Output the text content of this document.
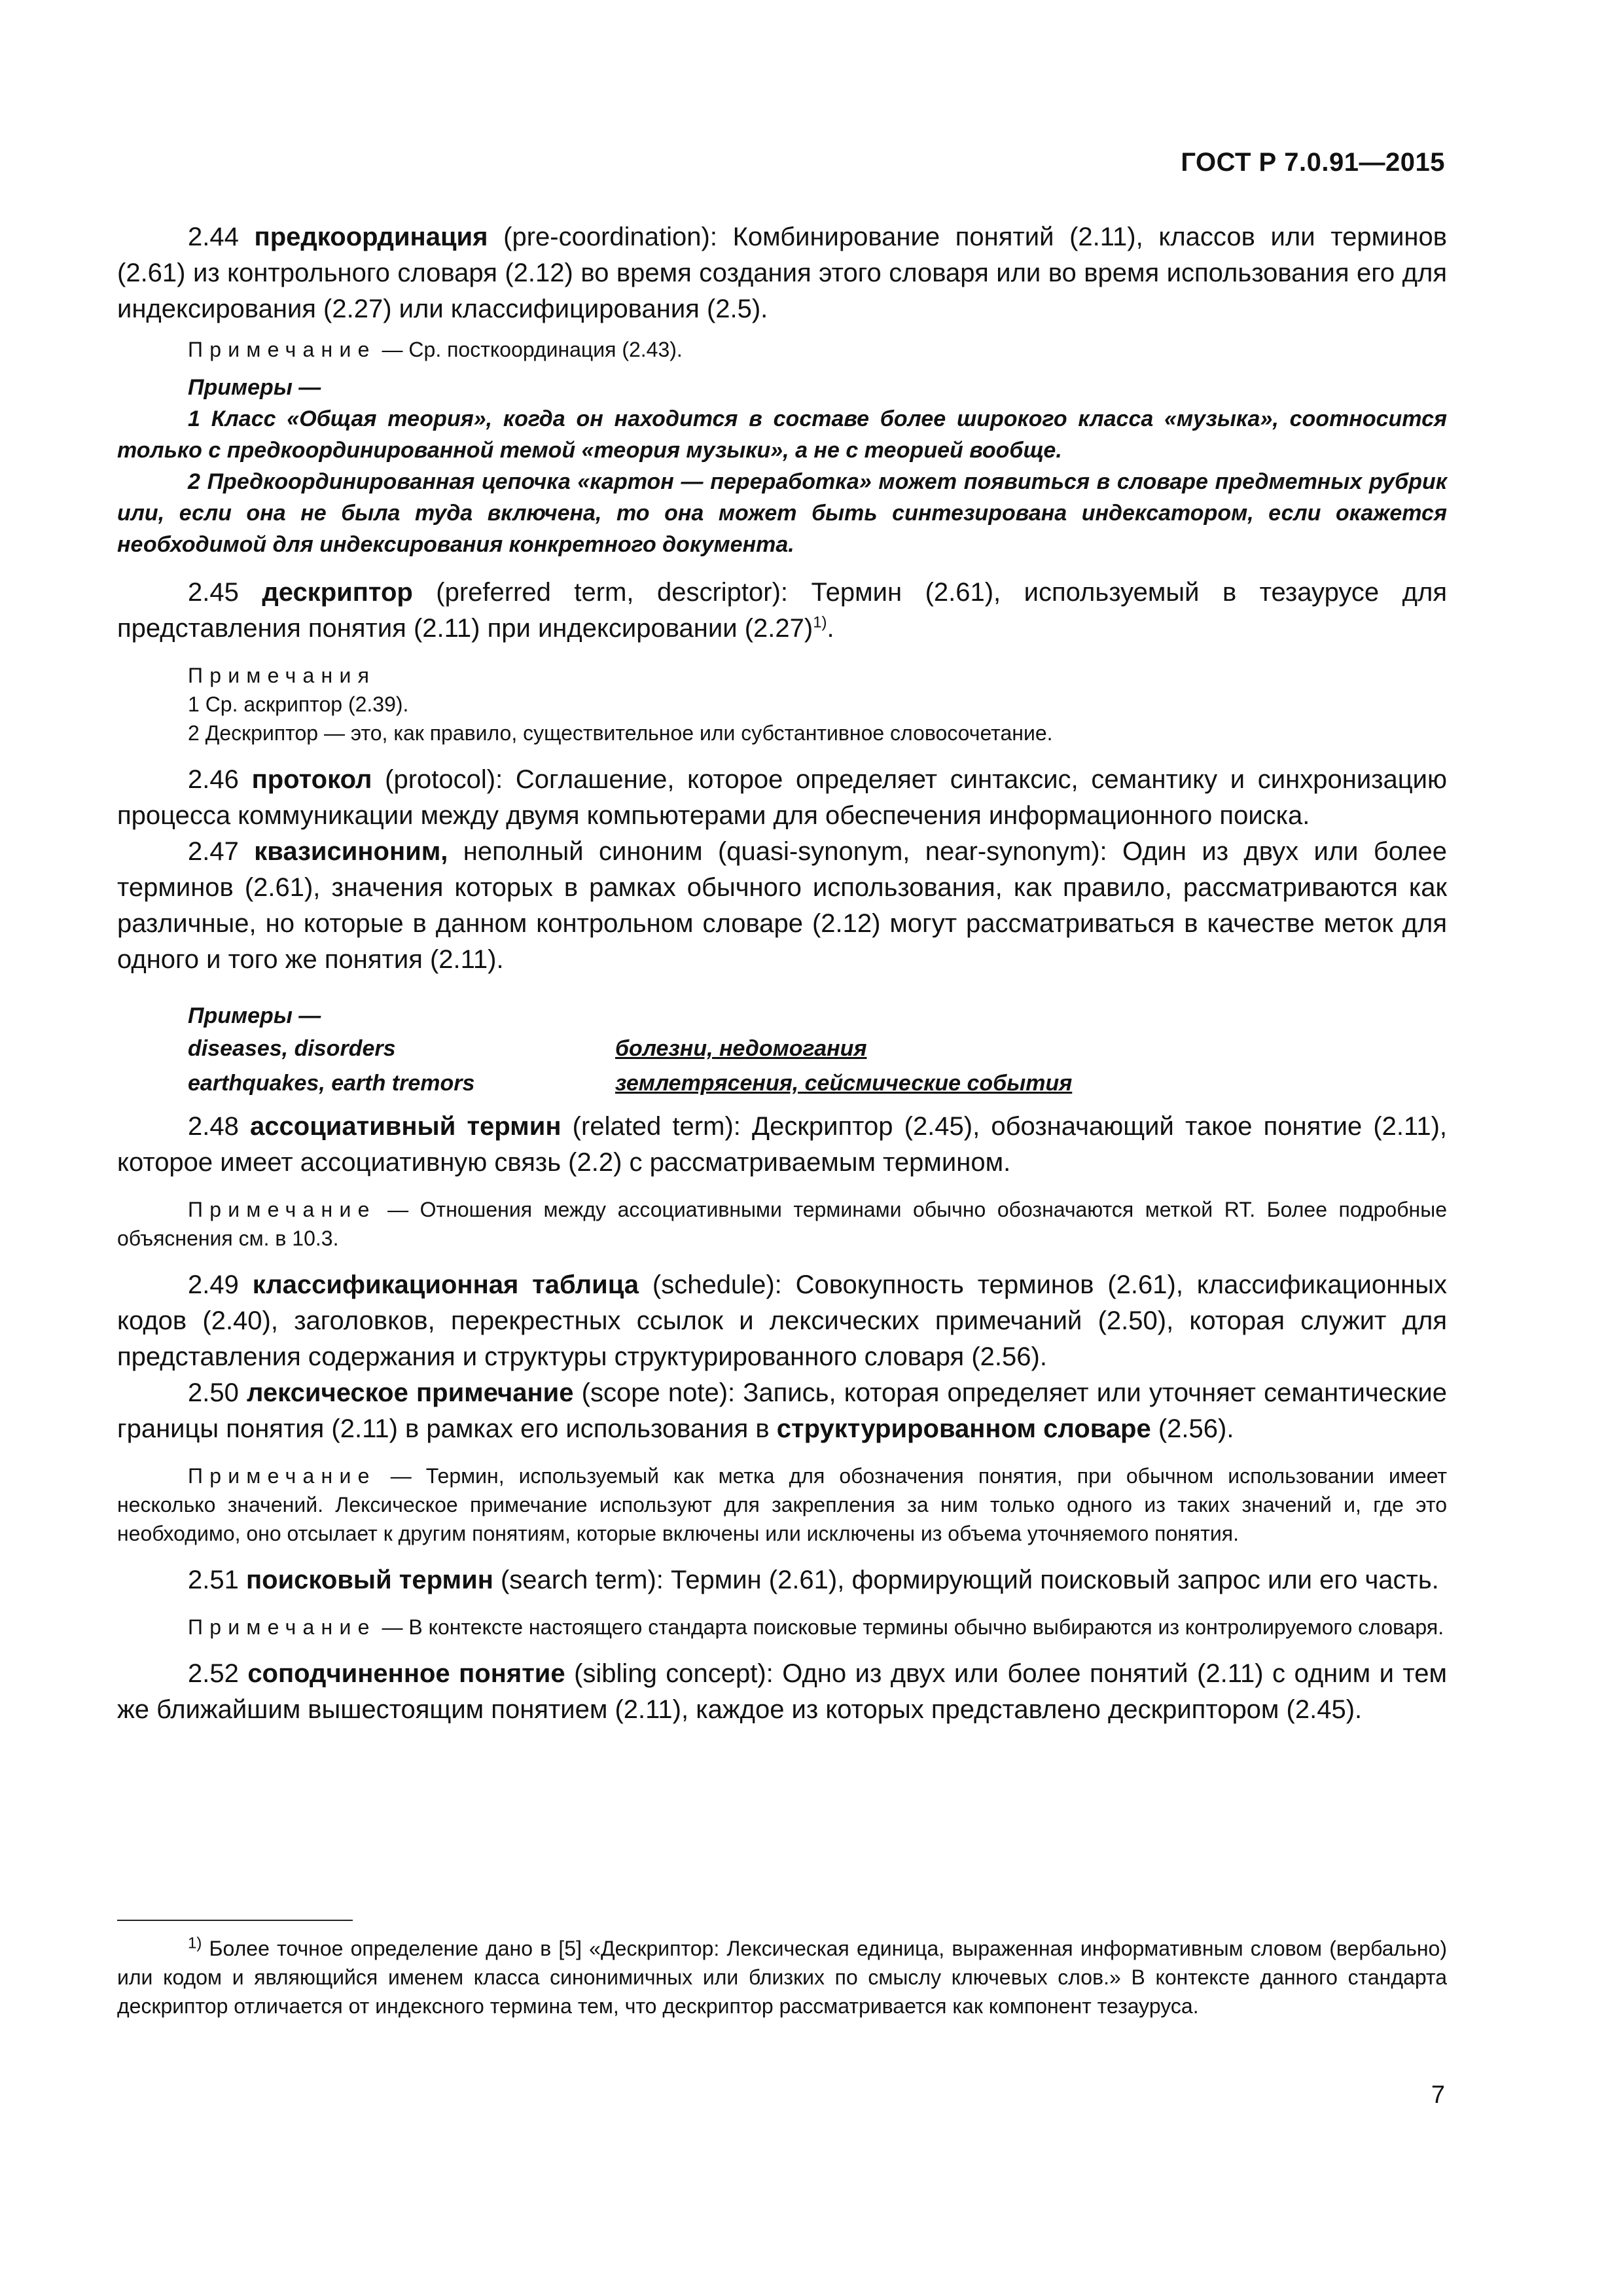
ГОСТ Р 7.0.91—2015

2.44 предкоординация (pre-coordination): Комбинирование понятий (2.11), классов или терминов (2.61) из контрольного словаря (2.12) во время создания этого словаря или во время использования его для индексирования (2.27) или классифицирования (2.5).

Примечание — Ср. посткоординация (2.43).

Примеры —

1 Класс «Общая теория», когда он находится в составе более широкого класса «музыка», соотносится только с предкоординированной темой «теория музыки», а не с теорией вообще.

2 Предкоординированная цепочка «картон — переработка» может появиться в словаре предметных рубрик или, если она не была туда включена, то она может быть синтезирована индексатором, если окажется необходимой для индексирования конкретного документа.

2.45 дескриптор (preferred term, descriptor): Термин (2.61), используемый в тезаурусе для представления понятия (2.11) при индексировании $(2.27)^{1)}$.

Примечания

1 Ср. аскриптор (2.39).

2 Дескриптор — это, как правило, существительное или субстантивное словосочетание.

2.46 протокол (protocol): Соглашение, которое определяет синтаксис, семантику и синхронизацию процесса коммуникации между двумя компьютерами для обеспечения информационного поиска.

2.47 квазисиноним, неполный синоним (quasi-synonym, near-synonym): Один из двух или более терминов (2.61), значения которых в рамках обычного использования, как правило, рассматриваются как различные, но которые в данном контрольном словаре (2.12) могут рассматриваться в качестве меток для одного и того же понятия (2.11).

Примеры —

diseases, disorders	болезни, недомогания
earthquakes, earth tremors	землетрясения, сейсмические события

2.48 ассоциативный термин (related term): Дескриптор (2.45), обозначающий такое понятие (2.11), которое имеет ассоциативную связь (2.2) с рассматриваемым термином.

Примечание — Отношения между ассоциативными терминами обычно обозначаются меткой RT. Более подробные объяснения см. в 10.3.

2.49 классификационная таблица (schedule): Совокупность терминов (2.61), классификационных кодов (2.40), заголовков, перекрестных ссылок и лексических примечаний (2.50), которая служит для представления содержания и структуры структурированного словаря (2.56).

2.50 лексическое примечание (scope note): Запись, которая определяет или уточняет семантические границы понятия (2.11) в рамках его использования в структурированном словаре (2.56).

Примечание — Термин, используемый как метка для обозначения понятия, при обычном использовании имеет несколько значений. Лексическое примечание используют для закрепления за ним только одного из таких значений и, где это необходимо, оно отсылает к другим понятиям, которые включены или исключены из объема уточняемого понятия.

2.51 поисковый термин (search term): Термин (2.61), формирующий поисковый запрос или его часть.

Примечание — В контексте настоящего стандарта поисковые термины обычно выбираются из контролируемого словаря.

2.52 соподчиненное понятие (sibling concept): Одно из двух или более понятий (2.11) с одним и тем же ближайшим вышестоящим понятием (2.11), каждое из которых представлено дескриптором (2.45).

$^{1)}$ Более точное определение дано в [5] «Дескриптор: Лексическая единица, выраженная информативным словом (вербально) или кодом и являющийся именем класса синонимичных или близких по смыслу ключевых слов.» В контексте данного стандарта дескриптор отличается от индексного термина тем, что дескриптор рассматривается как компонент тезауруса.

7
